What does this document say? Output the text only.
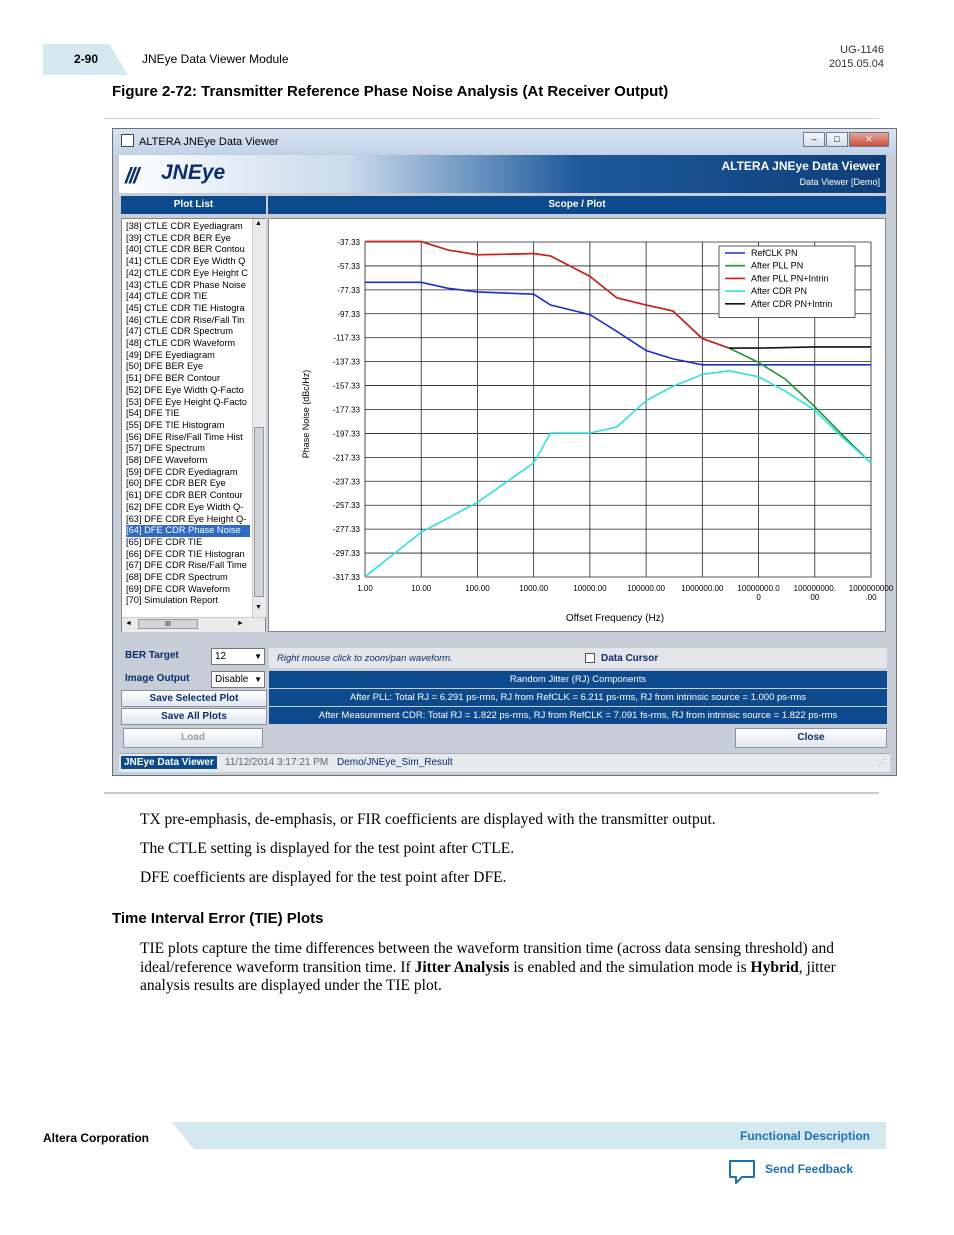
2-90	JNEye Data Viewer Module
UG-1146
2015.05.04
Figure 2-72: Transmitter Reference Phase Noise Analysis (At Receiver Output)
ALTERA JNEye Data Viewer	–	□	✕
/// JNEye	ALTERA JNEye Data Viewer
Data Viewer [Demo]
Plot List	Scope / Plot
[38] CTLE CDR Eyediagram
[39] CTLE CDR BER Eye
[40] CTLE CDR BER Contou
[41] CTLE CDR Eye Width Q
[42] CTLE CDR Eye Height C
[43] CTLE CDR Phase Noise
[44] CTLE CDR TIE
[45] CTLE CDR TIE Histogra
[46] CTLE CDR Rise/Fall Tin
[47] CTLE CDR Spectrum
[48] CTLE CDR Waveform
[49] DFE Eyediagram
[50] DFE BER Eye
[51] DFE BER Contour
[52] DFE Eye Width Q-Facto
[53] DFE Eye Height Q-Facto
[54] DFE TIE
[55] DFE TIE Histogram
[56] DFE Rise/Fall Time Hist
[57] DFE Spectrum
[58] DFE Waveform
[59] DFE CDR Eyediagram
[60] DFE CDR BER Eye
[61] DFE CDR BER Contour
[62] DFE CDR Eye Width Q-
[63] DFE CDR Eye Height Q-
[64] DFE CDR Phase Noise
[65] DFE CDR TIE
[66] DFE CDR TIE Histogran
[67] DFE CDR Rise/Fall Time
[68] DFE CDR Spectrum
[69] DFE CDR Waveform
[70] Simulation Report
▲
▼
◄	III	►
-37.33
-57.33
-77.33
-97.33
-117.33
-137.33
-157.33
-177.33
-197.33
-217.33
-237.33
-257.33
-277.33
-297.33
-317.33
1.00	10.00	100.00	1000.00	10000.00	100000.00 1000000.00 10000000.0
0
100000000.
00
1000000000
.00
RefCLK PN
After PLL PN
After PLL PN+Intrin
After CDR PN
After CDR PN+Intrin
Offset Frequency (Hz)
Phase Noise (dBc/Hz)
BER Target	12	▼
Image Output	Disable ▼
Save Selected Plot
Save All Plots
Load	Close
Right mouse click to zoom/pan waveform.	Data Cursor
Random Jitter (RJ) Components
After PLL: Total RJ = 6.291 ps-rms, RJ from RefCLK = 6.211 ps-rms, RJ from intrinsic source = 1.000 ps-rms
After Measurement CDR: Total RJ = 1.822 ps-rms, RJ from RefCLK = 7.091 fs-rms, RJ from intrinsic source = 1.822 ps-rms
JNEye Data Viewer	11/12/2014 3:17:21 PM Demo/JNEye_Sim_Result	⋰
TX pre-emphasis, de-emphasis, or FIR coefficients are displayed with the transmitter output.
The CTLE setting is displayed for the test point after CTLE.
DFE coefficients are displayed for the test point after DFE.
Time Interval Error (TIE) Plots
TIE plots capture the time differences between the waveform transition time (across data sensing threshold) and ideal/reference waveform transition time. If Jitter Analysis is enabled and the simulation mode is Hybrid, jitter analysis results are displayed under the TIE plot.
Altera Corporation	Functional Description
Send Feedback
